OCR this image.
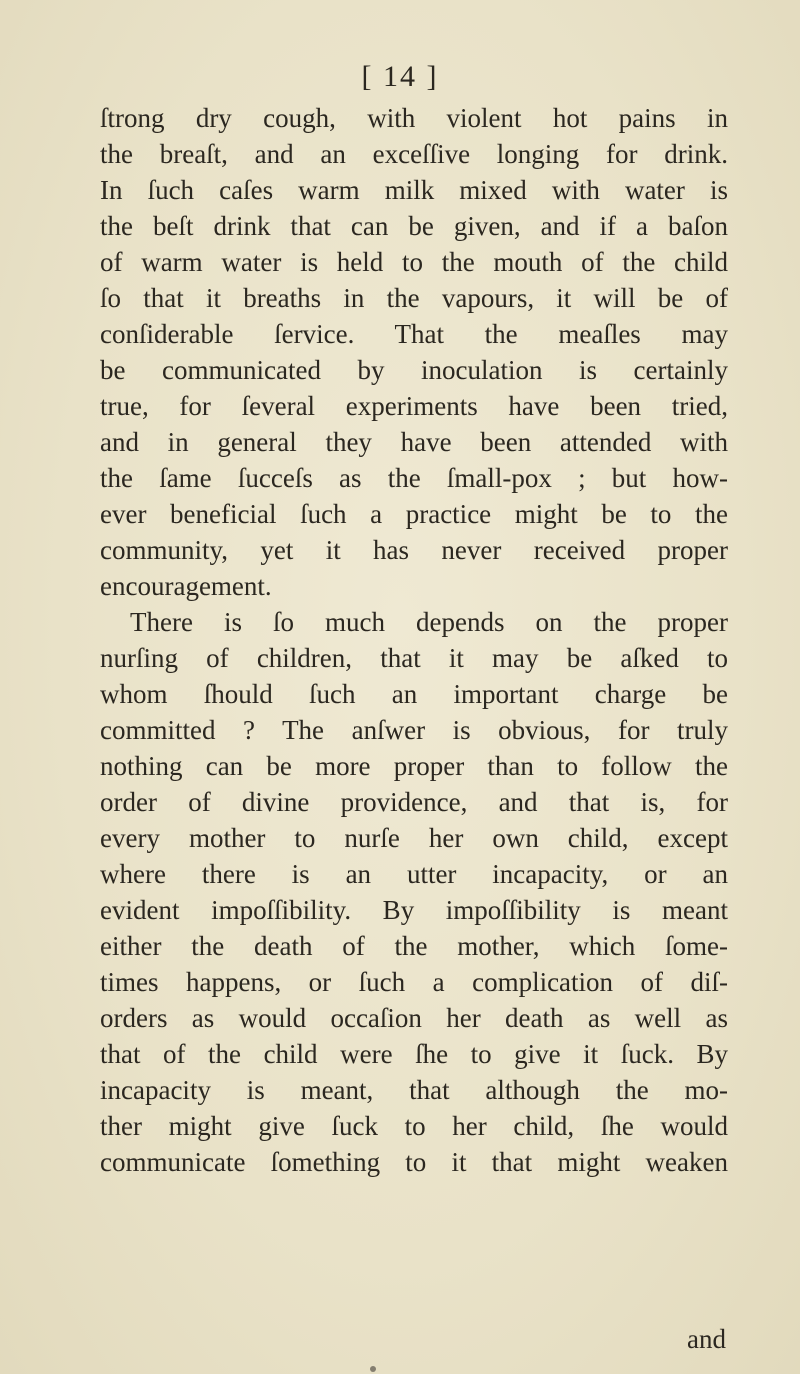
[ 14 ]
ſtrong dry cough, with violent hot pains in
the breaſt, and an exceſſive longing for drink.
In ſuch caſes warm milk mixed with water is
the beſt drink that can be given, and if a baſon
of warm water is held to the mouth of the child
ſo that it breaths in the vapours, it will be of
conſiderable ſervice. That the meaſles may
be communicated by inoculation is certainly
true, for ſeveral experiments have been tried,
and in general they have been attended with
the ſame ſucceſs as the ſmall-pox ; but how-
ever beneficial ſuch a practice might be to the
community, yet it has never received proper
encouragement.
There is ſo much depends on the proper
nurſing of children, that it may be aſked to
whom ſhould ſuch an important charge be
committed ? The anſwer is obvious, for truly
nothing can be more proper than to follow the
order of divine providence, and that is, for
every mother to nurſe her own child, except
where there is an utter incapacity, or an
evident impoſſibility. By impoſſibility is meant
either the death of the mother, which ſome-
times happens, or ſuch a complication of diſ-
orders as would occaſion her death as well as
that of the child were ſhe to give it ſuck. By
incapacity is meant, that although the mo-
ther might give ſuck to her child, ſhe would
communicate ſomething to it that might weaken
and
